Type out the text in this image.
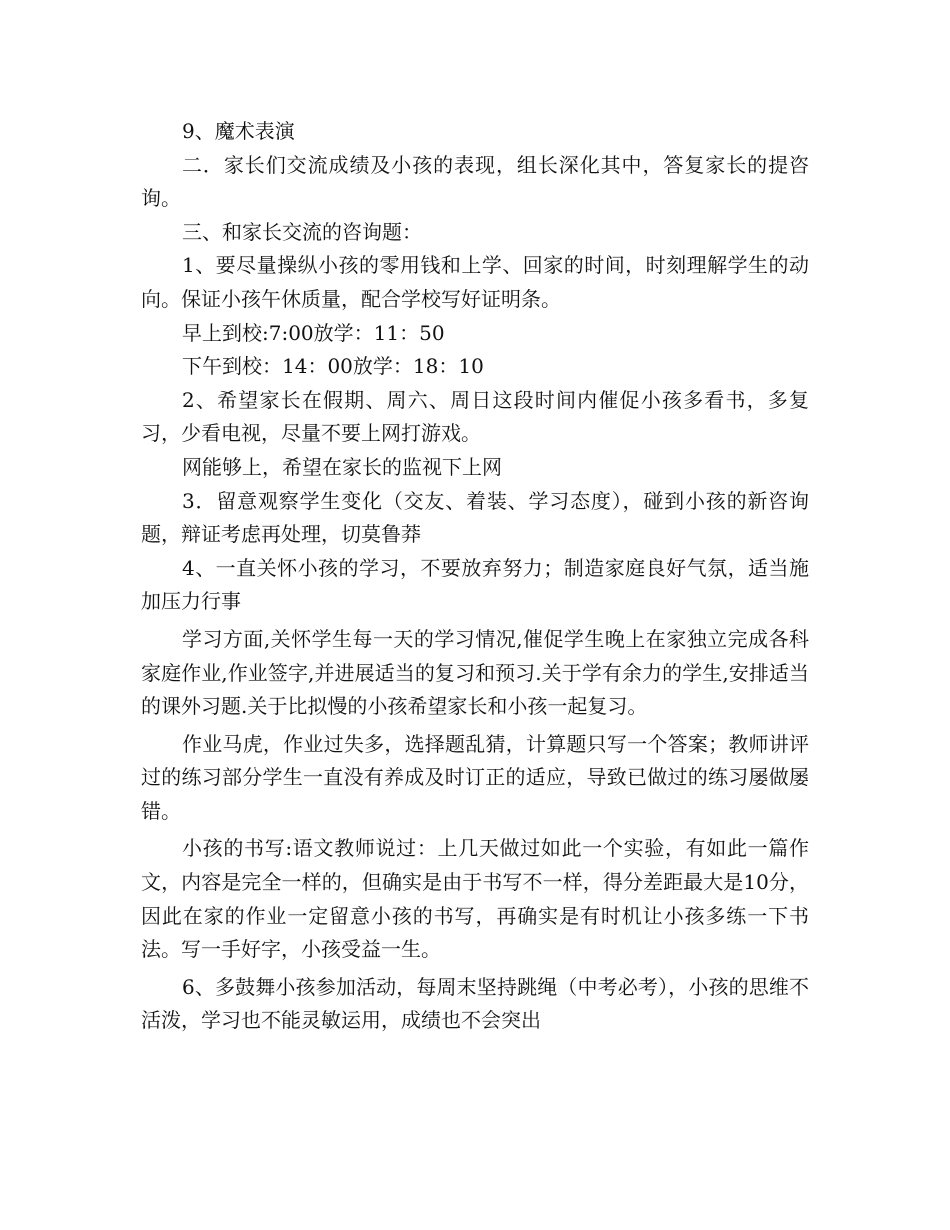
9、魔术表演

二．家长们交流成绩及小孩的表现，组长深化其中，答复家长的提咨询。

三、和家长交流的咨询题：

1、要尽量操纵小孩的零用钱和上学、回家的时间，时刻理解学生的动向。保证小孩午休质量，配合学校写好证明条。

早上到校:7:00放学：11：50

下午到校：14：00放学：18：10

2、希望家长在假期、周六、周日这段时间内催促小孩多看书，多复习，少看电视，尽量不要上网打游戏。

网能够上，希望在家长的监视下上网

3．留意观察学生变化（交友、着装、学习态度），碰到小孩的新咨询题，辩证考虑再处理，切莫鲁莽

4、一直关怀小孩的学习，不要放弃努力；制造家庭良好气氛，适当施加压力行事

学习方面,关怀学生每一天的学习情况,催促学生晚上在家独立完成各科家庭作业,作业签字,并进展适当的复习和预习.关于学有余力的学生,安排适当的课外习题.关于比拟慢的小孩希望家长和小孩一起复习。

作业马虎，作业过失多，选择题乱猜，计算题只写一个答案；教师讲评过的练习部分学生一直没有养成及时订正的适应，导致已做过的练习屡做屡错。

小孩的书写:语文教师说过：上几天做过如此一个实验，有如此一篇作文，内容是完全一样的，但确实是由于书写不一样，得分差距最大是10分，因此在家的作业一定留意小孩的书写，再确实是有时机让小孩多练一下书法。写一手好字，小孩受益一生。

6、多鼓舞小孩参加活动，每周末坚持跳绳（中考必考），小孩的思维不活泼，学习也不能灵敏运用，成绩也不会突出
